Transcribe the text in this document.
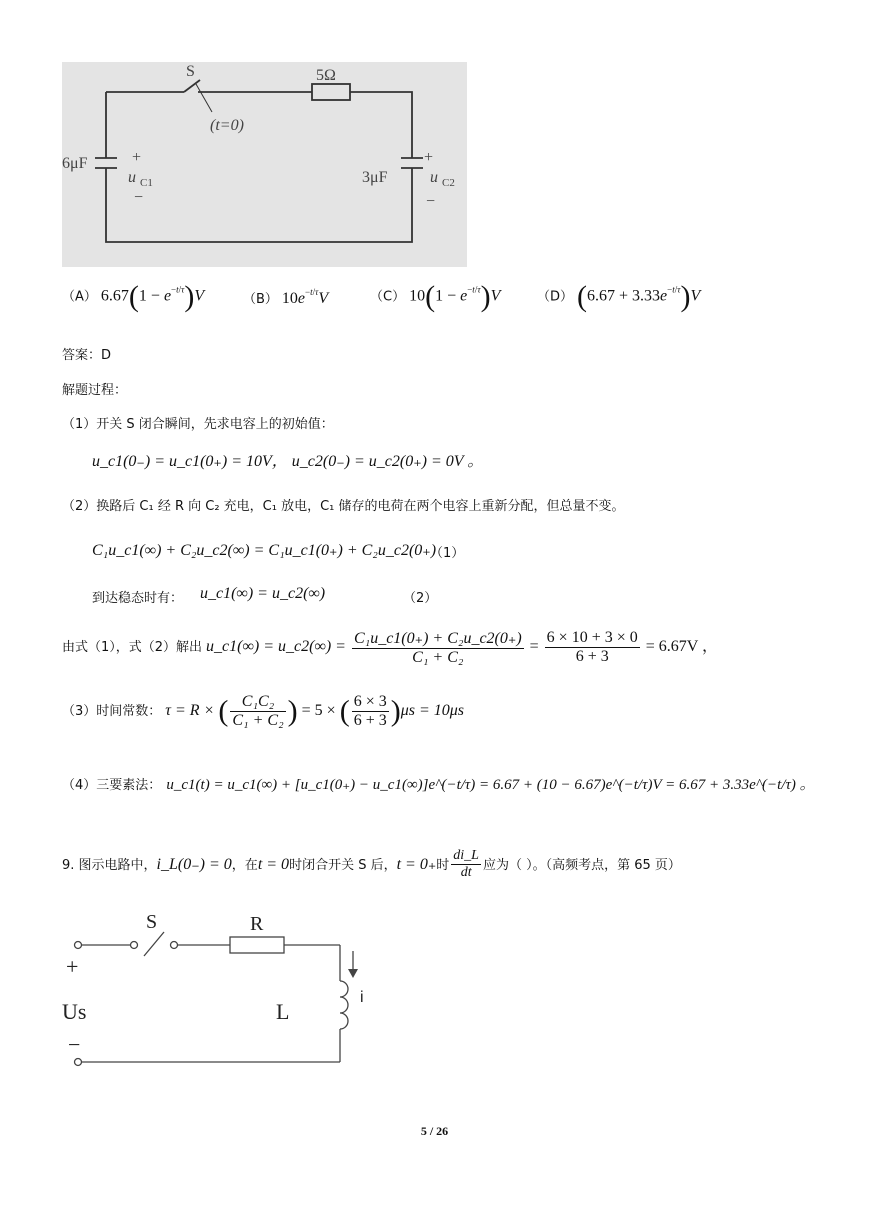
S
(t=0)
5Ω
6μF	+
u C1
−
3μF
+
u C2
−
（A） $6.67(1 - e^{-t/\tau})V$	（B） $10e^{-t/\tau}V$	（C） $10(1 - e^{-t/\tau})V$	（D） $(6.67 + 3.33e^{-t/\tau})V$
答案：D
解题过程：
（1）开关 S 闭合瞬间，先求电容上的初始值：
u_c1(0₋) = u_c1(0₊) = 10V， u_c2(0₋) = u_c2(0₊) = 0V 。
（2）换路后 C₁ 经 R 向 C₂ 充电，C₁ 放电，C₁ 储存的电荷在两个电容上重新分配，但总量不变。
C₁u_c1(∞) + C₂u_c2(∞) = C₁u_c1(0₊) + C₂u_c2(0₊)
（1）
到达稳态时有： u_c1(∞) = u_c2(∞)	（2）
由式（1），式（2）解出 u_c1(∞) = u_c2(∞) = $\frac{\text{C₁u\_c1(0₊) + C₂u\_c2(0₊)}}{\text{C₁ + C₂}} = \frac{6 \times 10 + 3 \times 0}{6 + 3} = 6.67V$ ，
（3）时间常数： τ = R × ( $\frac{\text{C₁C₂}}{\text{C₁ + C₂}}$ ) = 5 × ( $\frac{6 \times 3}{6 + 3} )\mu s = 10\mu s$
（4）三要素法： u_c1(t) = u_c1(∞) + [u_c1(0₊) − u_c1(∞)]e^(−t/τ) = 6.67 + (10 − 6.67)e^(−t/τ)V = 6.67 + 3.33e^(−t/τ) 。
9. 图示电路中，i_L(0₋) = 0，在t = 0时闭合开关 S 后，t = 0₊时 $\frac{di\_L}{dt}$ 应为（ ）。（高频考点，第 65 页）
S	R
+
Us
−
L
i
5 / 26
